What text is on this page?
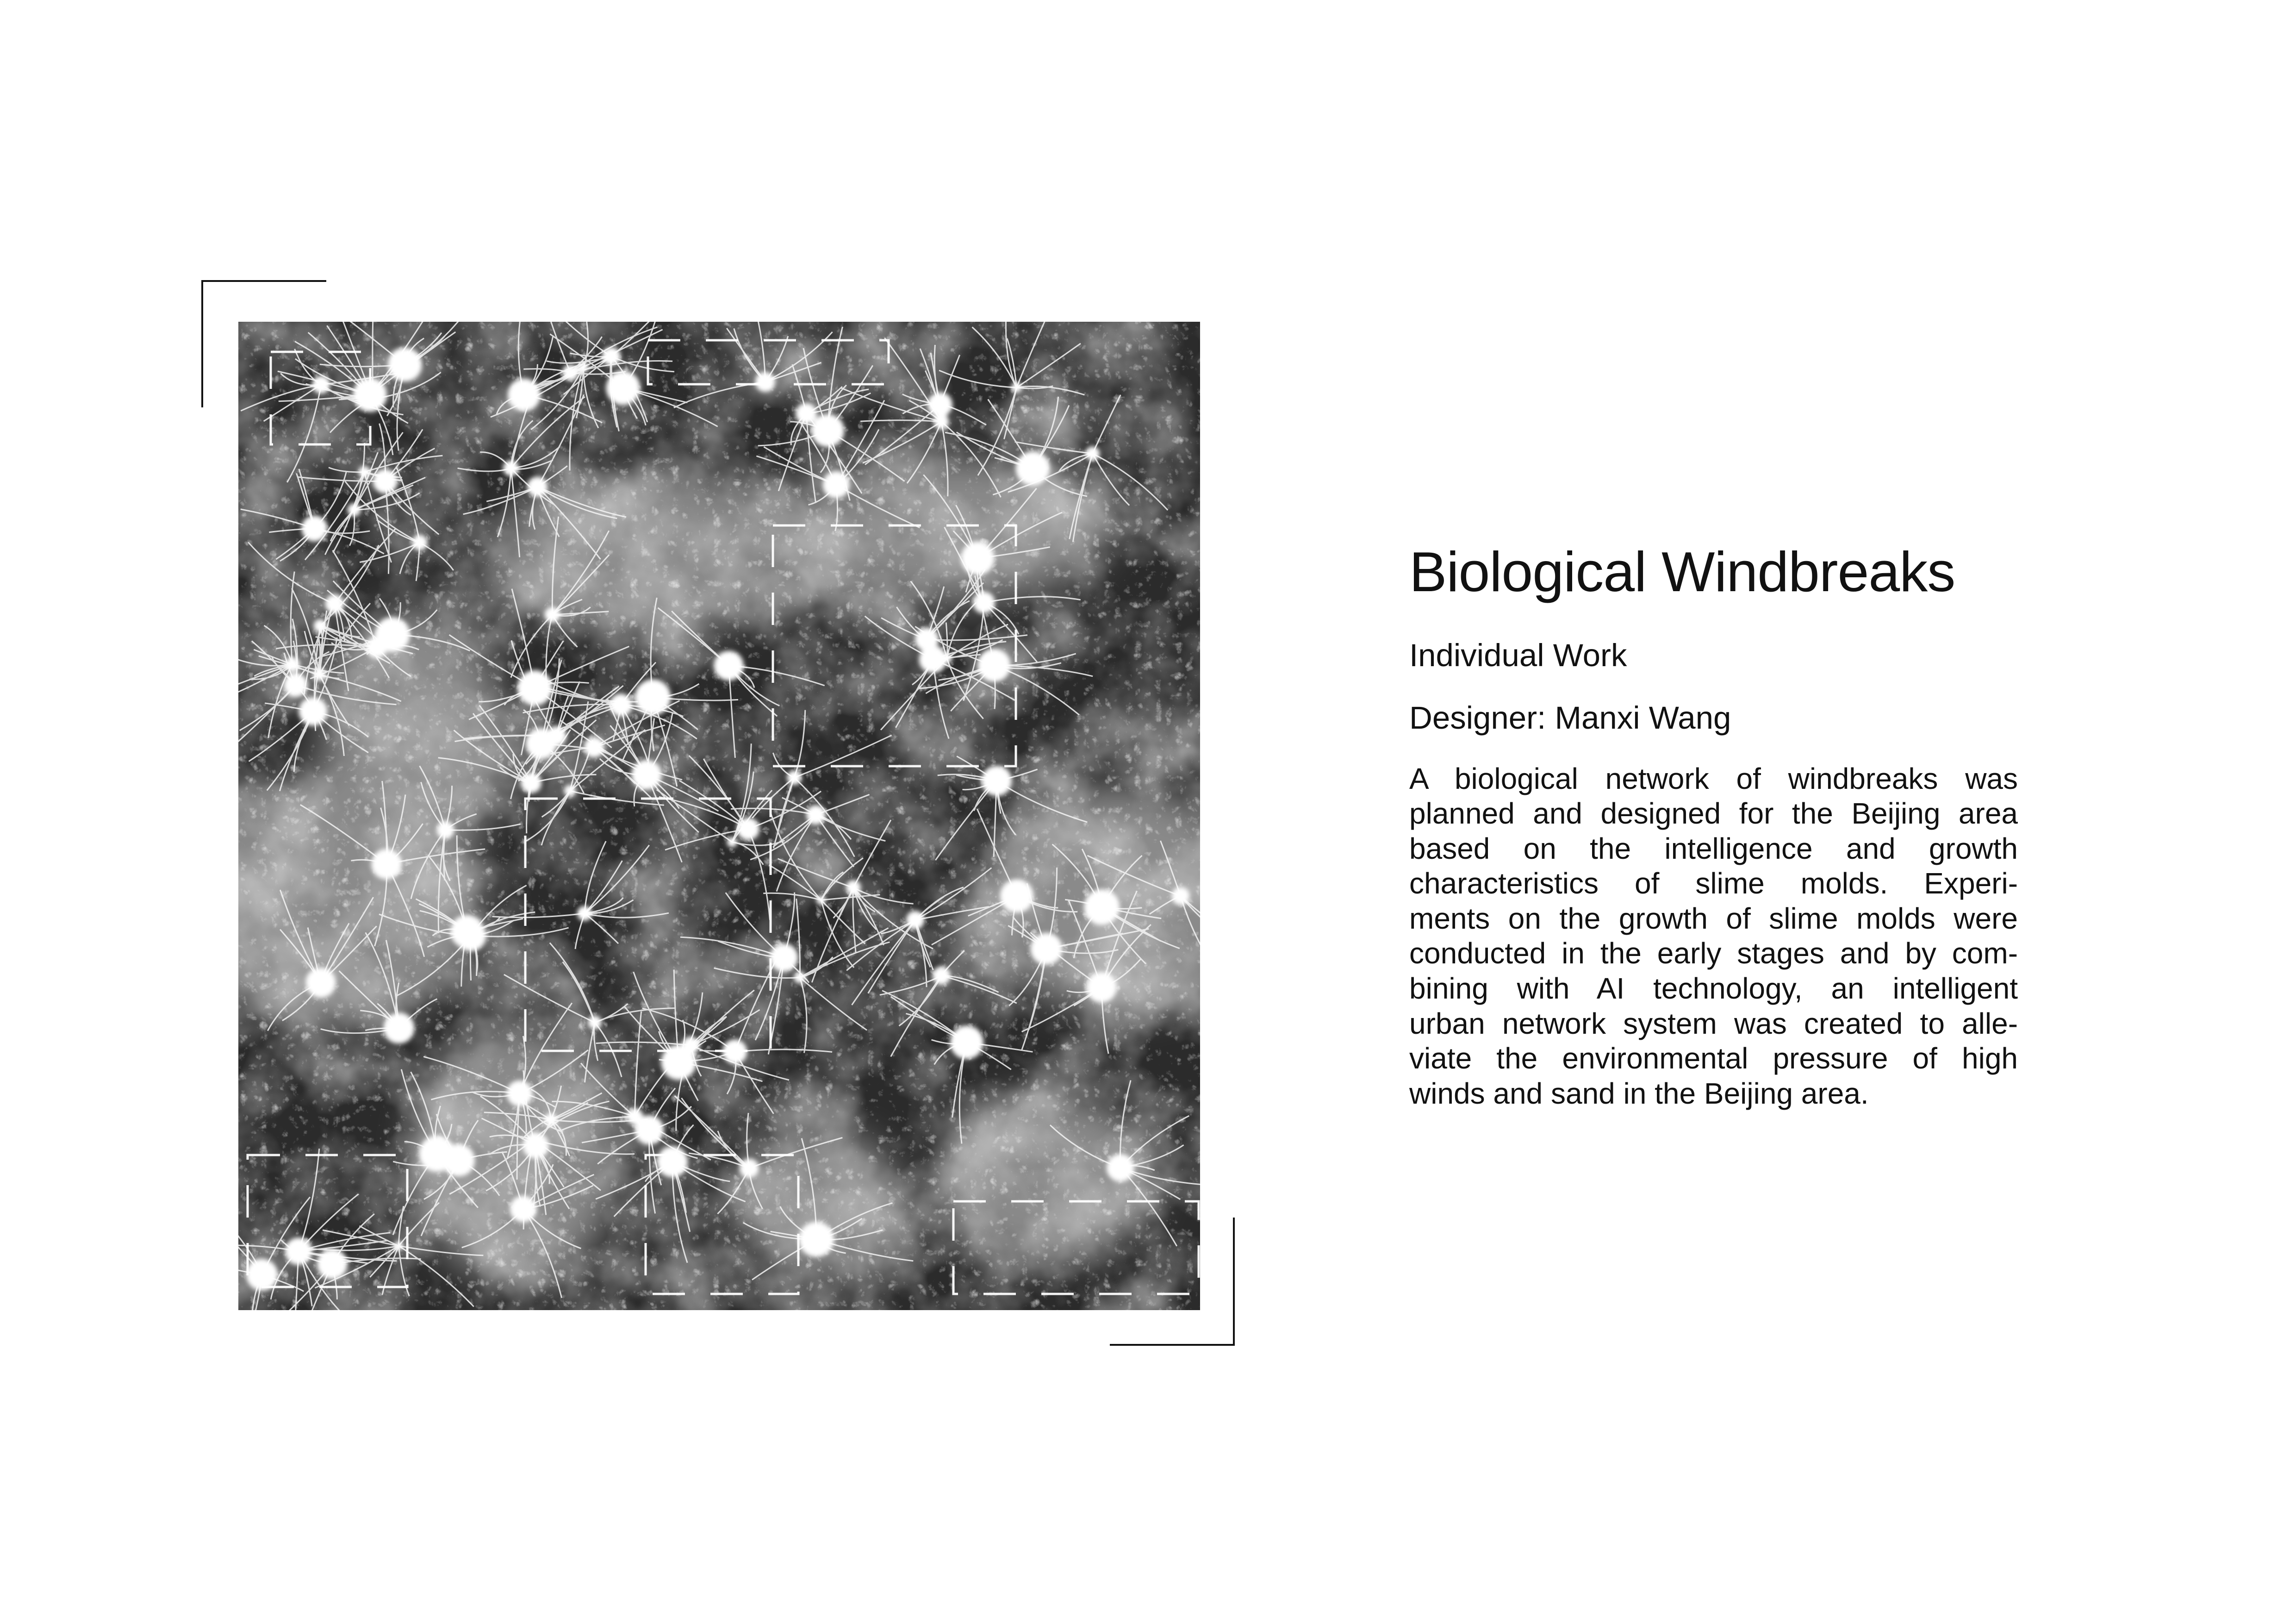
Biological Windbreaks
Individual Work
Designer: Manxi Wang
A biological network of windbreaks was
planned and designed for the Beijing area
based on the intelligence and growth
characteristics of slime molds. Experi-
ments on the growth of slime molds were
conducted in the early stages and by com-
bining with AI technology, an intelligent
urban network system was created to alle-
viate the environmental pressure of high
winds and sand in the Beijing area.
